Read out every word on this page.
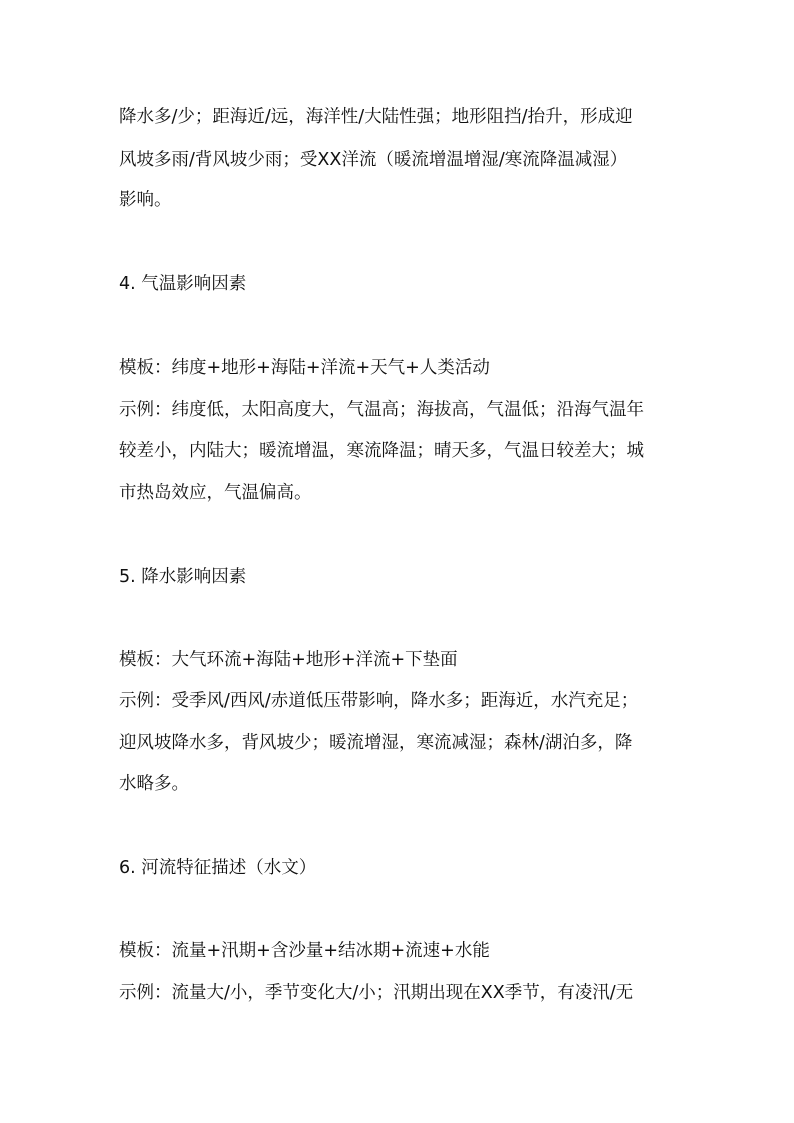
降水多/少；距海近/远，海洋性/大陆性强；地形阻挡/抬升，形成迎
风坡多雨/背风坡少雨；受XX洋流（暖流增温增湿/寒流降温减湿）
影响。
4. 气温影响因素
模板：纬度+地形+海陆+洋流+天气+人类活动
示例：纬度低，太阳高度大，气温高；海拔高，气温低；沿海气温年
较差小，内陆大；暖流增温，寒流降温；晴天多，气温日较差大；城
市热岛效应，气温偏高。
5. 降水影响因素
模板：大气环流+海陆+地形+洋流+下垫面
示例：受季风/西风/赤道低压带影响，降水多；距海近，水汽充足；
迎风坡降水多，背风坡少；暖流增湿，寒流减湿；森林/湖泊多，降
水略多。
6. 河流特征描述（水文）
模板：流量+汛期+含沙量+结冰期+流速+水能
示例：流量大/小，季节变化大/小；汛期出现在XX季节，有凌汛/无
